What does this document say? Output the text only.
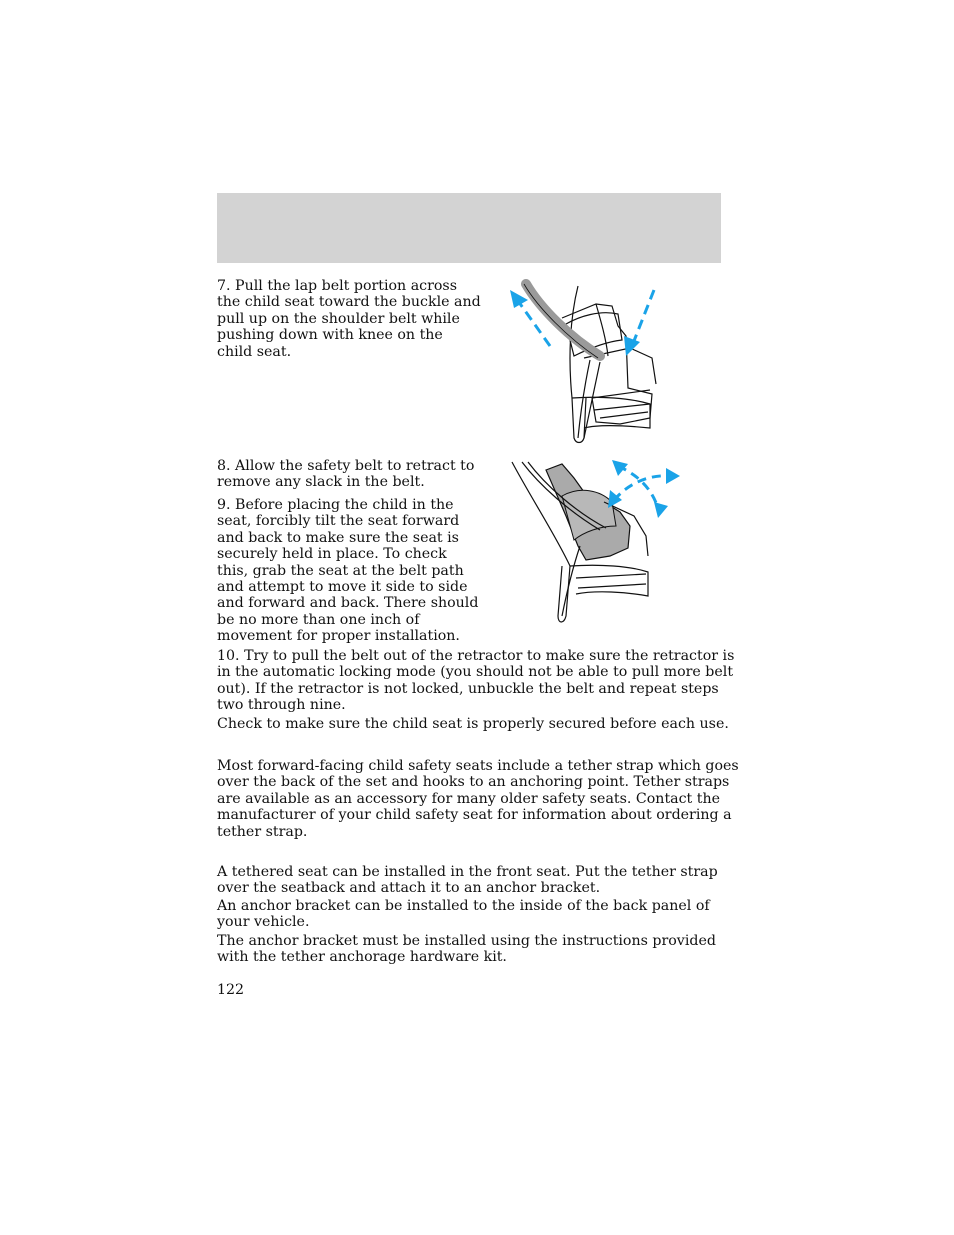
7. Pull the lap belt portion across
the child seat toward the buckle and
pull up on the shoulder belt while
pushing down with knee on the
child seat.

8. Allow the safety belt to retract to
remove any slack in the belt.

9. Before placing the child in the
seat, forcibly tilt the seat forward
and back to make sure the seat is
securely held in place. To check
this, grab the seat at the belt path
and attempt to move it side to side
and forward and back. There should
be no more than one inch of
movement for proper installation.

10. Try to pull the belt out of the retractor to make sure the retractor is
in the automatic locking mode (you should not be able to pull more belt
out). If the retractor is not locked, unbuckle the belt and repeat steps
two through nine.

Check to make sure the child seat is properly secured before each use.

Most forward-facing child safety seats include a tether strap which goes
over the back of the set and hooks to an anchoring point. Tether straps
are available as an accessory for many older safety seats. Contact the
manufacturer of your child safety seat for information about ordering a
tether strap.

A tethered seat can be installed in the front seat. Put the tether strap
over the seatback and attach it to an anchor bracket.

An anchor bracket can be installed to the inside of the back panel of
your vehicle.

The anchor bracket must be installed using the instructions provided
with the tether anchorage hardware kit.

122
